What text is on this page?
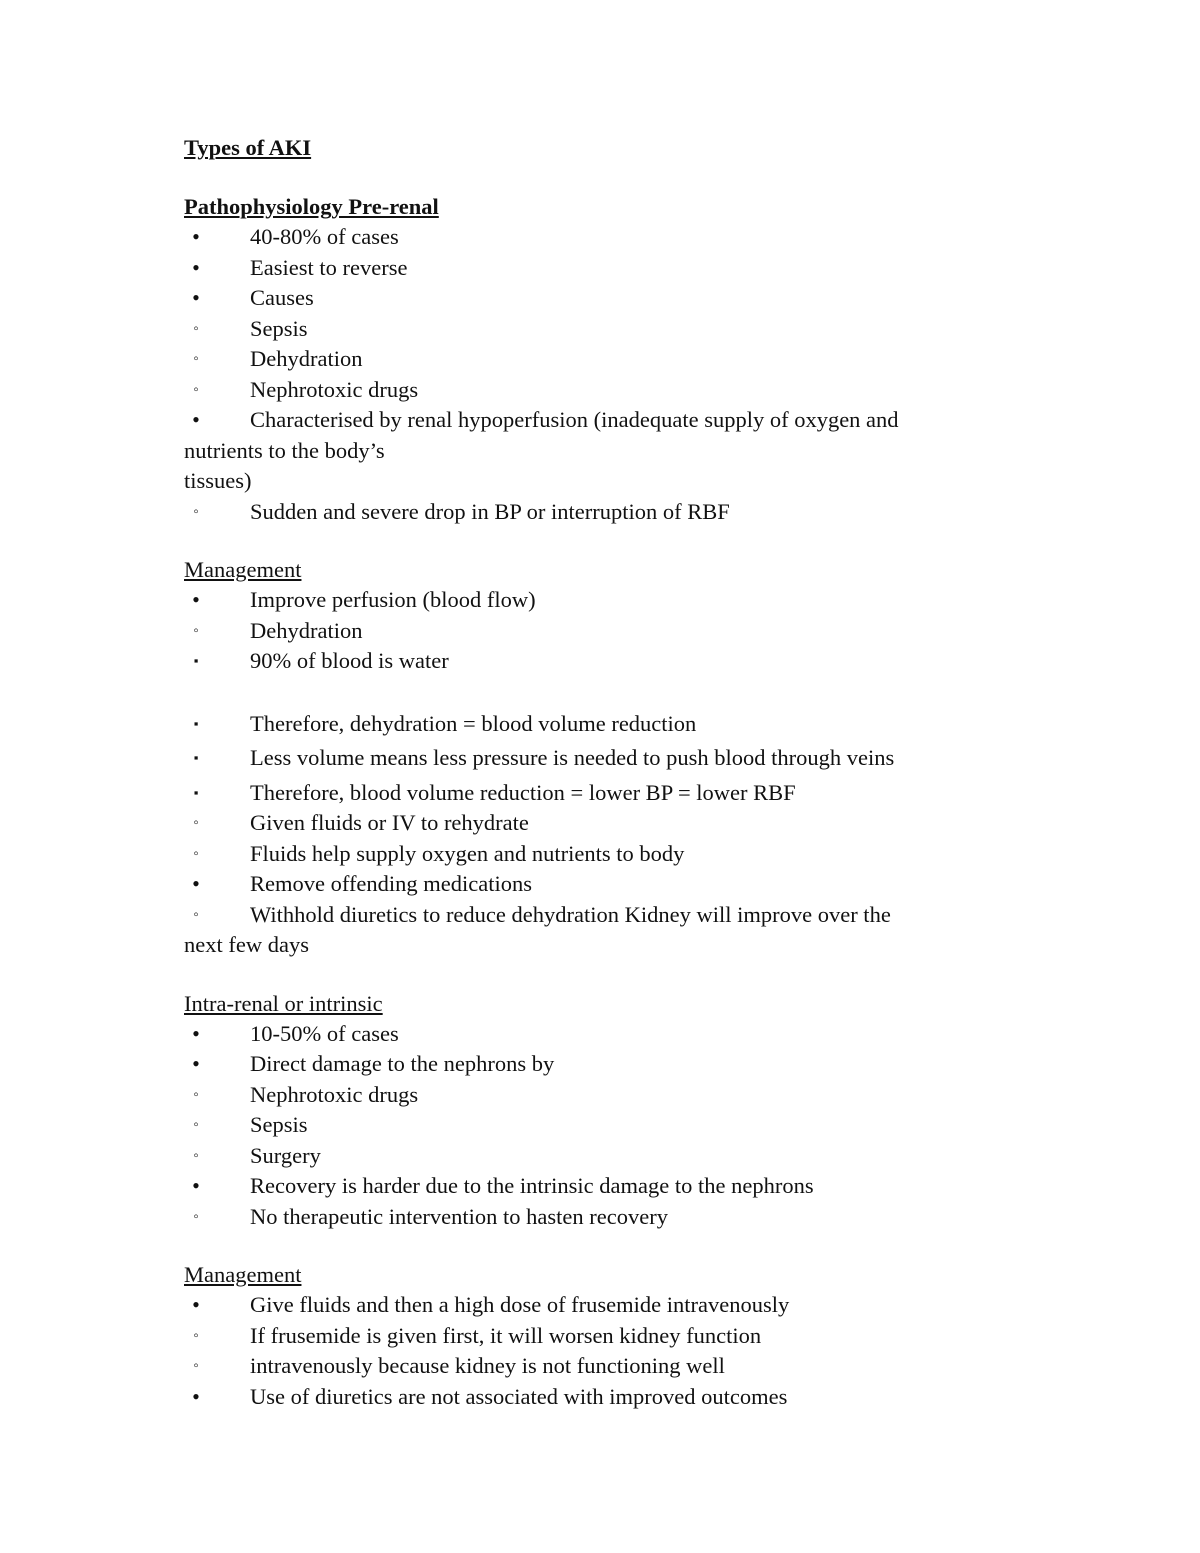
Types of AKI
Pathophysiology Pre-renal
• 40-80% of cases
• Easiest to reverse
• Causes
◦	Sepsis
◦	Dehydration
◦	Nephrotoxic drugs
• Characterised by renal hypoperfusion (inadequate supply of oxygen and
nutrients to the body’s
tissues)
◦	Sudden and severe drop in BP or interruption of RBF
Management
• Improve perfusion (blood flow)
◦	Dehydration
▪	90% of blood is water
▪	Therefore, dehydration = blood volume reduction
▪	Less volume means less pressure is needed to push blood through veins
▪	Therefore, blood volume reduction = lower BP = lower RBF
◦	Given fluids or IV to rehydrate
◦	Fluids help supply oxygen and nutrients to body
• Remove offending medications
◦	Withhold diuretics to reduce dehydration Kidney will improve over the
next few days
Intra-renal or intrinsic
• 10-50% of cases
• Direct damage to the nephrons by
◦	Nephrotoxic drugs
◦	Sepsis
◦	Surgery
• Recovery is harder due to the intrinsic damage to the nephrons
◦	No therapeutic intervention to hasten recovery
Management
• Give fluids and then a high dose of frusemide intravenously
◦	If frusemide is given first, it will worsen kidney function
◦	intravenously because kidney is not functioning well
• Use of diuretics are not associated with improved outcomes
